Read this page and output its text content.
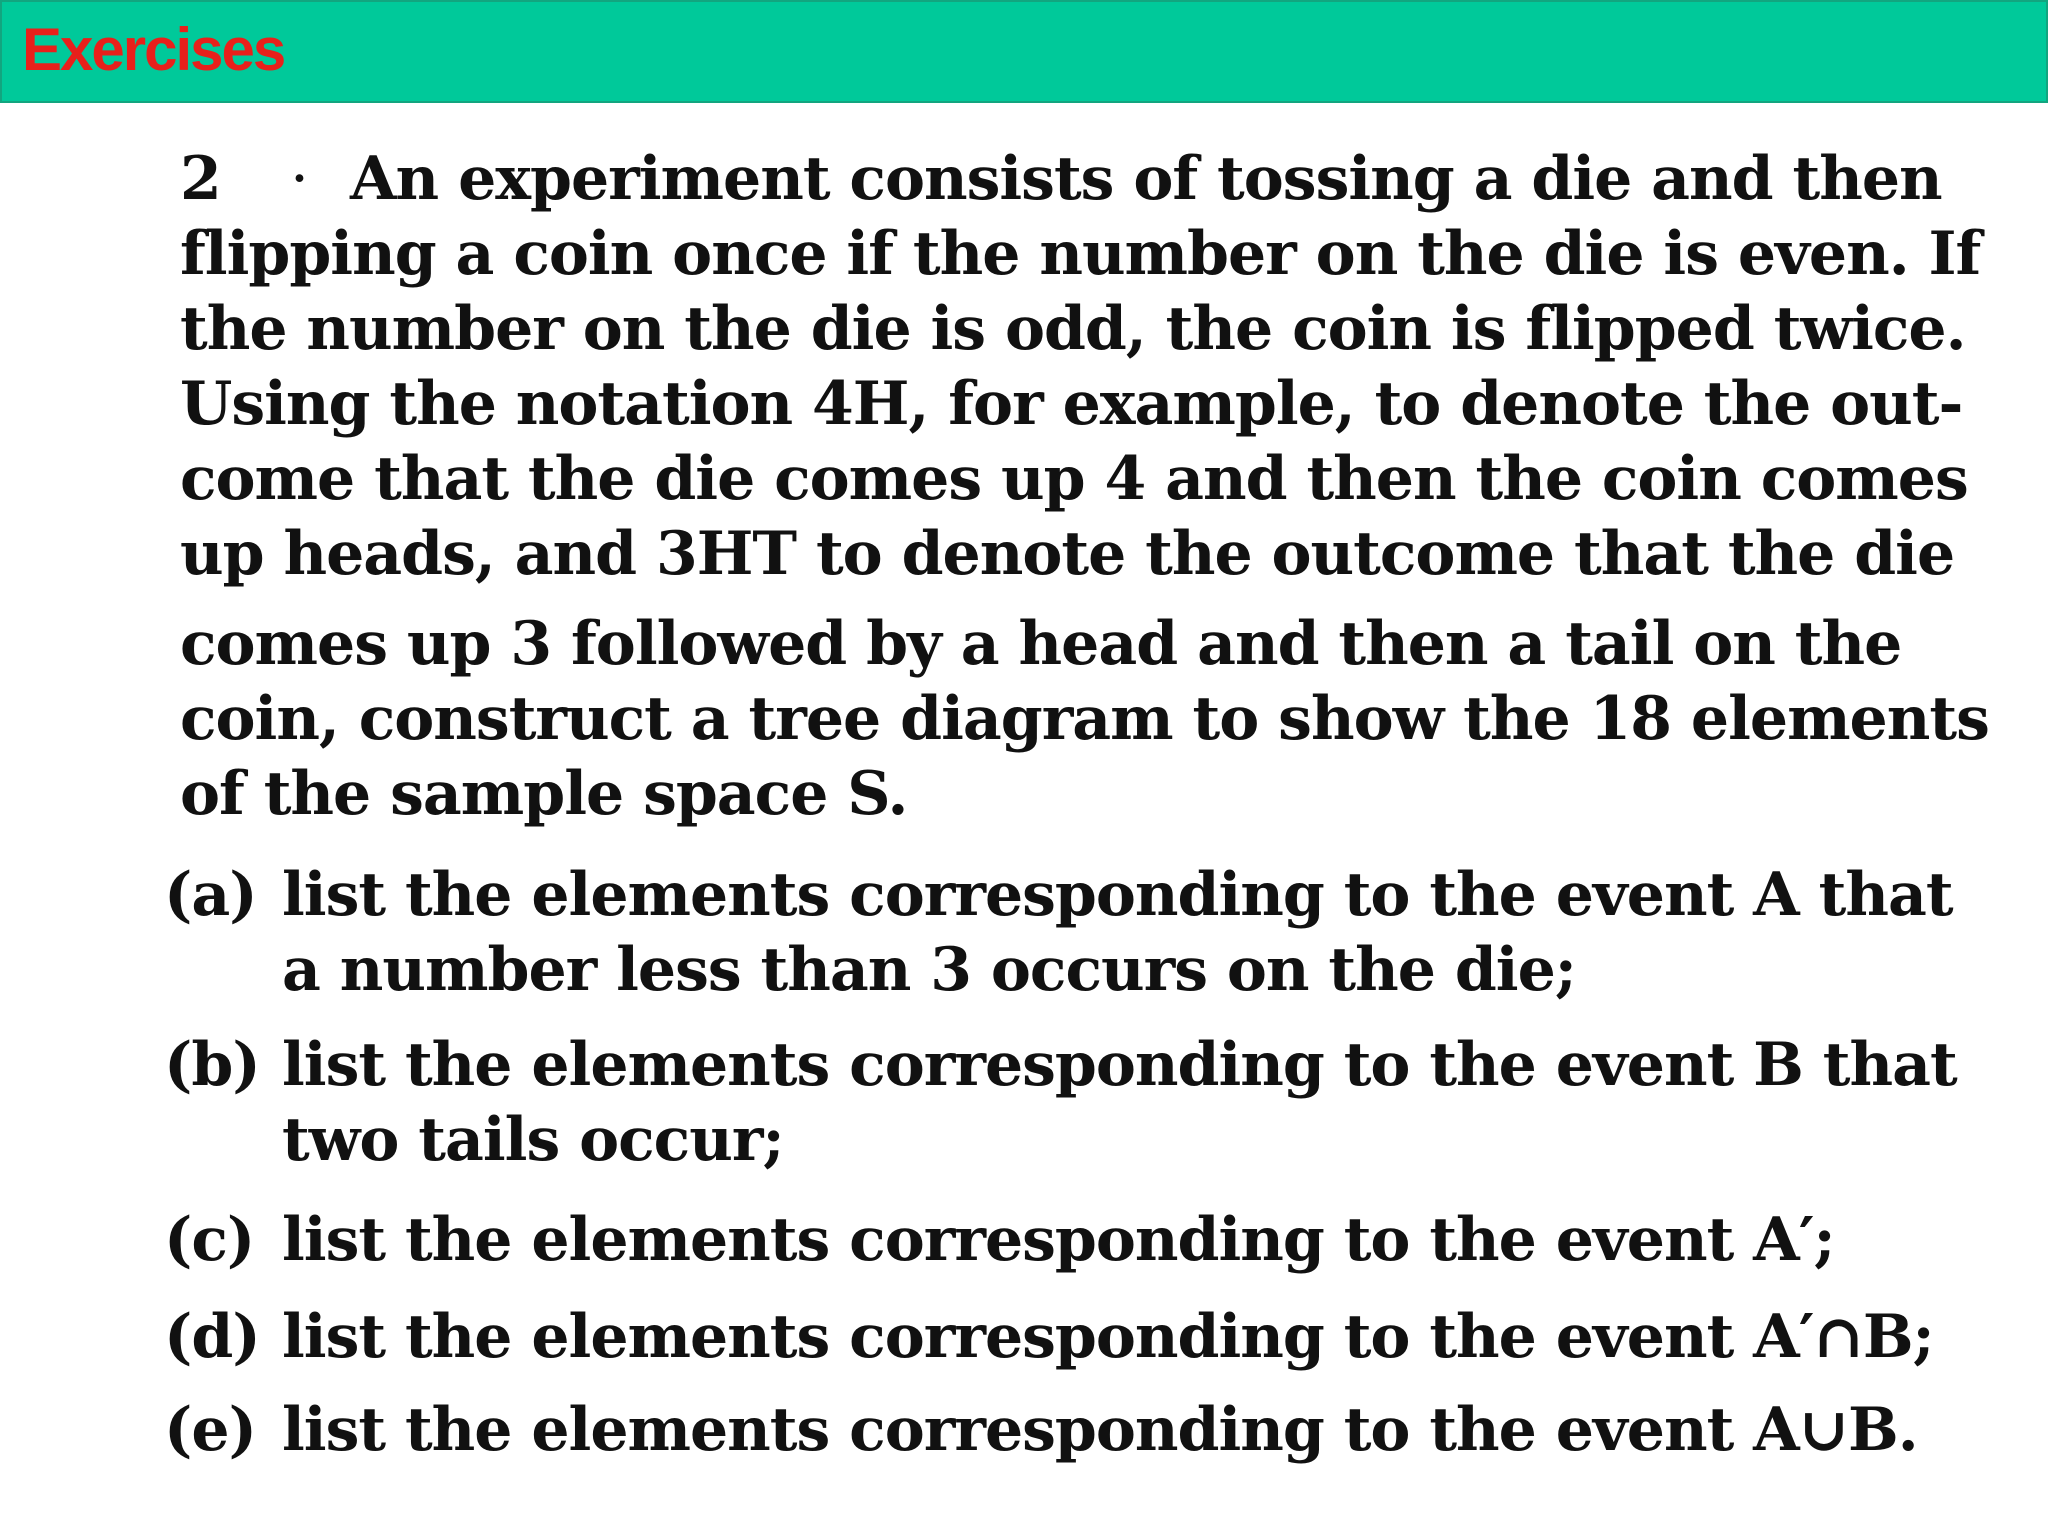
Exercises
2 · An experiment consists of tossing a die and then
flipping a coin once if the number on the die is even. If
the number on the die is odd, the coin is flipped twice.
Using the notation 4H, for example, to denote the out-
come that the die comes up 4 and then the coin comes
up heads, and 3HT to denote the outcome that the die
comes up 3 followed by a head and then a tail on the
coin, construct a tree diagram to show the 18 elements
of the sample space S.
(a) list the elements corresponding to the event A that
a number less than 3 occurs on the die;
(b) list the elements corresponding to the event B that
two tails occur;
(c) list the elements corresponding to the event A′;
(d) list the elements corresponding to the event A′∩B;
(e) list the elements corresponding to the event A∪B.
